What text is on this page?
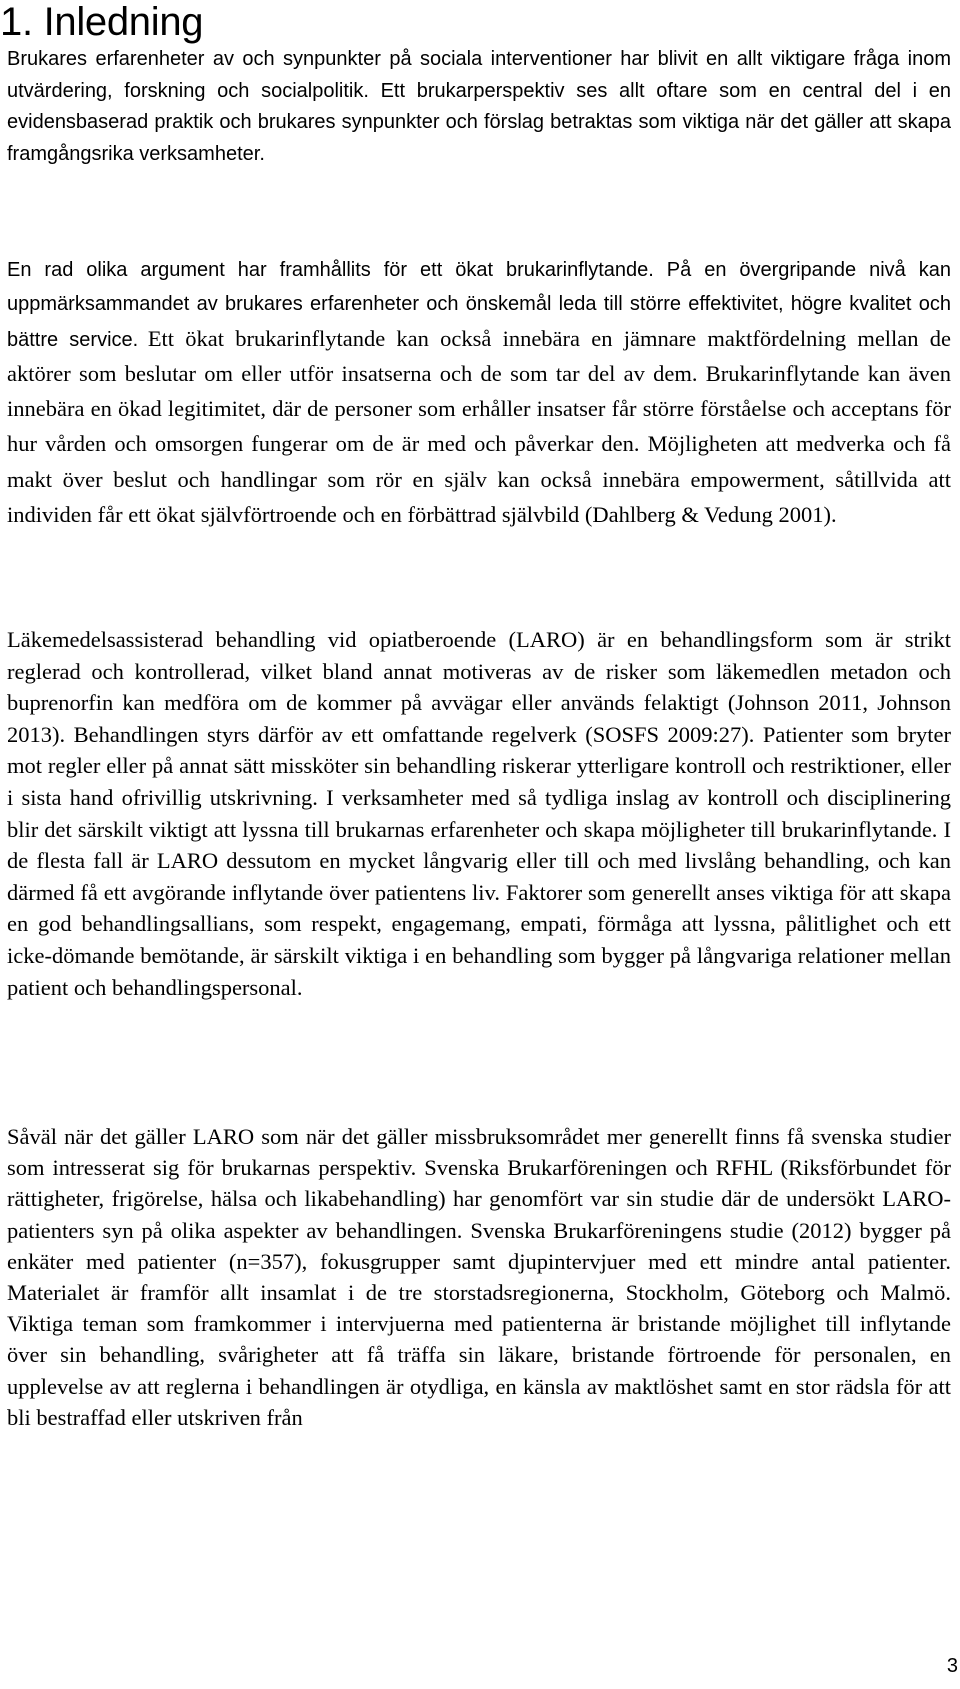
1. Inledning

Brukares erfarenheter av och synpunkter på sociala interventioner har blivit en allt viktigare fråga inom utvärdering, forskning och socialpolitik. Ett brukarperspektiv ses allt oftare som en central del i en evidensbaserad praktik och brukares synpunkter och förslag betraktas som viktiga när det gäller att skapa framgångsrika verksamheter.

En rad olika argument har framhållits för ett ökat brukarinflytande. På en övergripande nivå kan uppmärksammandet av brukares erfarenheter och önskemål leda till större effektivitet, högre kvalitet och bättre service. Ett ökat brukarinflytande kan också innebära en jämnare maktfördelning mellan de aktörer som beslutar om eller utför insatserna och de som tar del av dem. Brukarinflytande kan även innebära en ökad legitimitet, där de personer som erhåller insatser får större förståelse och acceptans för hur vården och omsorgen fungerar om de är med och påverkar den. Möjligheten att medverka och få makt över beslut och handlingar som rör en själv kan också innebära empowerment, såtillvida att individen får ett ökat självförtroende och en förbättrad självbild (Dahlberg & Vedung 2001).

Läkemedelsassisterad behandling vid opiatberoende (LARO) är en behandlingsform som är strikt reglerad och kontrollerad, vilket bland annat motiveras av de risker som läkemedlen metadon och buprenorfin kan medföra om de kommer på avvägar eller används felaktigt (Johnson 2011, Johnson 2013). Behandlingen styrs därför av ett omfattande regelverk (SOSFS 2009:27). Patienter som bryter mot regler eller på annat sätt missköter sin behandling riskerar ytterligare kontroll och restriktioner, eller i sista hand ofrivillig utskrivning. I verksamheter med så tydliga inslag av kontroll och disciplinering blir det särskilt viktigt att lyssna till brukarnas erfarenheter och skapa möjligheter till brukarinflytande. I de flesta fall är LARO dessutom en mycket långvarig eller till och med livslång behandling, och kan därmed få ett avgörande inflytande över patientens liv. Faktorer som generellt anses viktiga för att skapa en god behandlingsallians, som respekt, engagemang, empati, förmåga att lyssna, pålitlighet och ett icke-dömande bemötande, är särskilt viktiga i en behandling som bygger på långvariga relationer mellan patient och behandlingspersonal.

Såväl när det gäller LARO som när det gäller missbruksområdet mer generellt finns få svenska studier som intresserat sig för brukarnas perspektiv. Svenska Brukarföreningen och RFHL (Riksförbundet för rättigheter, frigörelse, hälsa och likabehandling) har genomfört var sin studie där de undersökt LARO-patienters syn på olika aspekter av behandlingen. Svenska Brukarföreningens studie (2012) bygger på enkäter med patienter (n=357), fokusgrupper samt djupintervjuer med ett mindre antal patienter. Materialet är framför allt insamlat i de tre storstadsregionerna, Stockholm, Göteborg och Malmö. Viktiga teman som framkommer i intervjuerna med patienterna är bristande möjlighet till inflytande över sin behandling, svårigheter att få träffa sin läkare, bristande förtroende för personalen, en upplevelse av att reglerna i behandlingen är otydliga, en känsla av maktlöshet samt en stor rädsla för att bli bestraffad eller utskriven från

3
